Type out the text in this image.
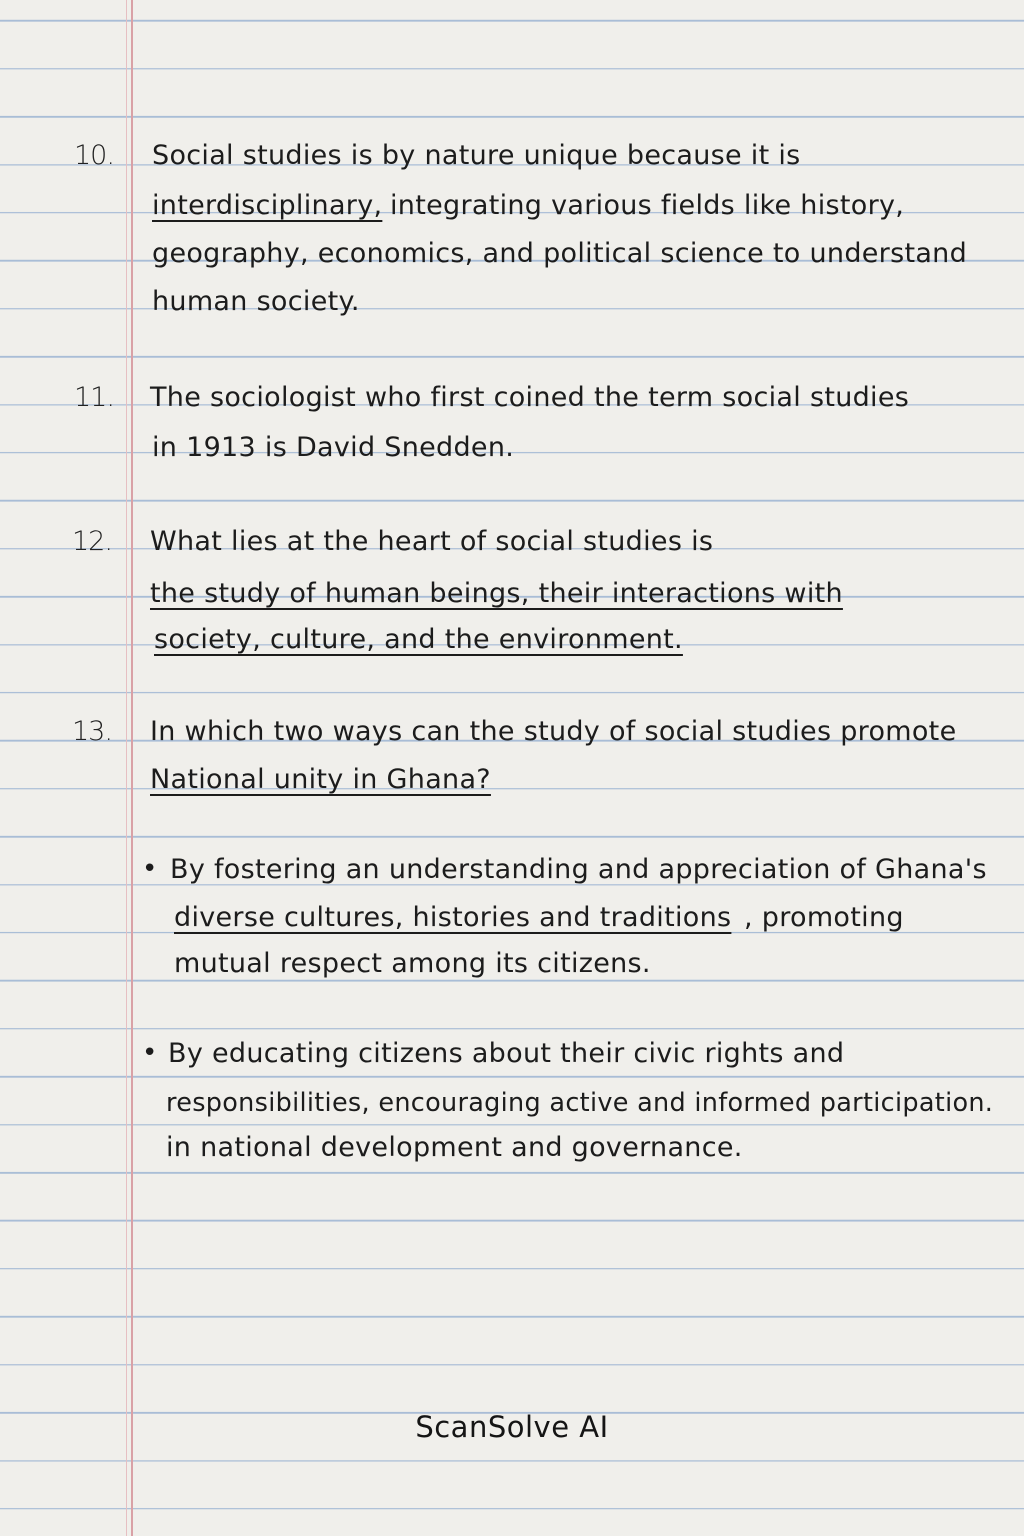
10. Social studies is by nature unique because it is
interdisciplinary, integrating various fields like history,
geography, economics, and political science to understand
human society.
11. The sociologist who first coined the term social studies
in 1913 is David Snedden.
12. What lies at the heart of social studies is
the study of human beings, their interactions with
society, culture, and the environment.
13. In which two ways can the study of social studies promote
National unity in Ghana?
• By fostering an understanding and appreciation of Ghana's
diverse cultures, histories and traditions , promoting
mutual respect among its citizens.
• By educating citizens about their civic rights and
responsibilities, encouraging active and informed participation.
in national development and governance.
ScanSolve AI
